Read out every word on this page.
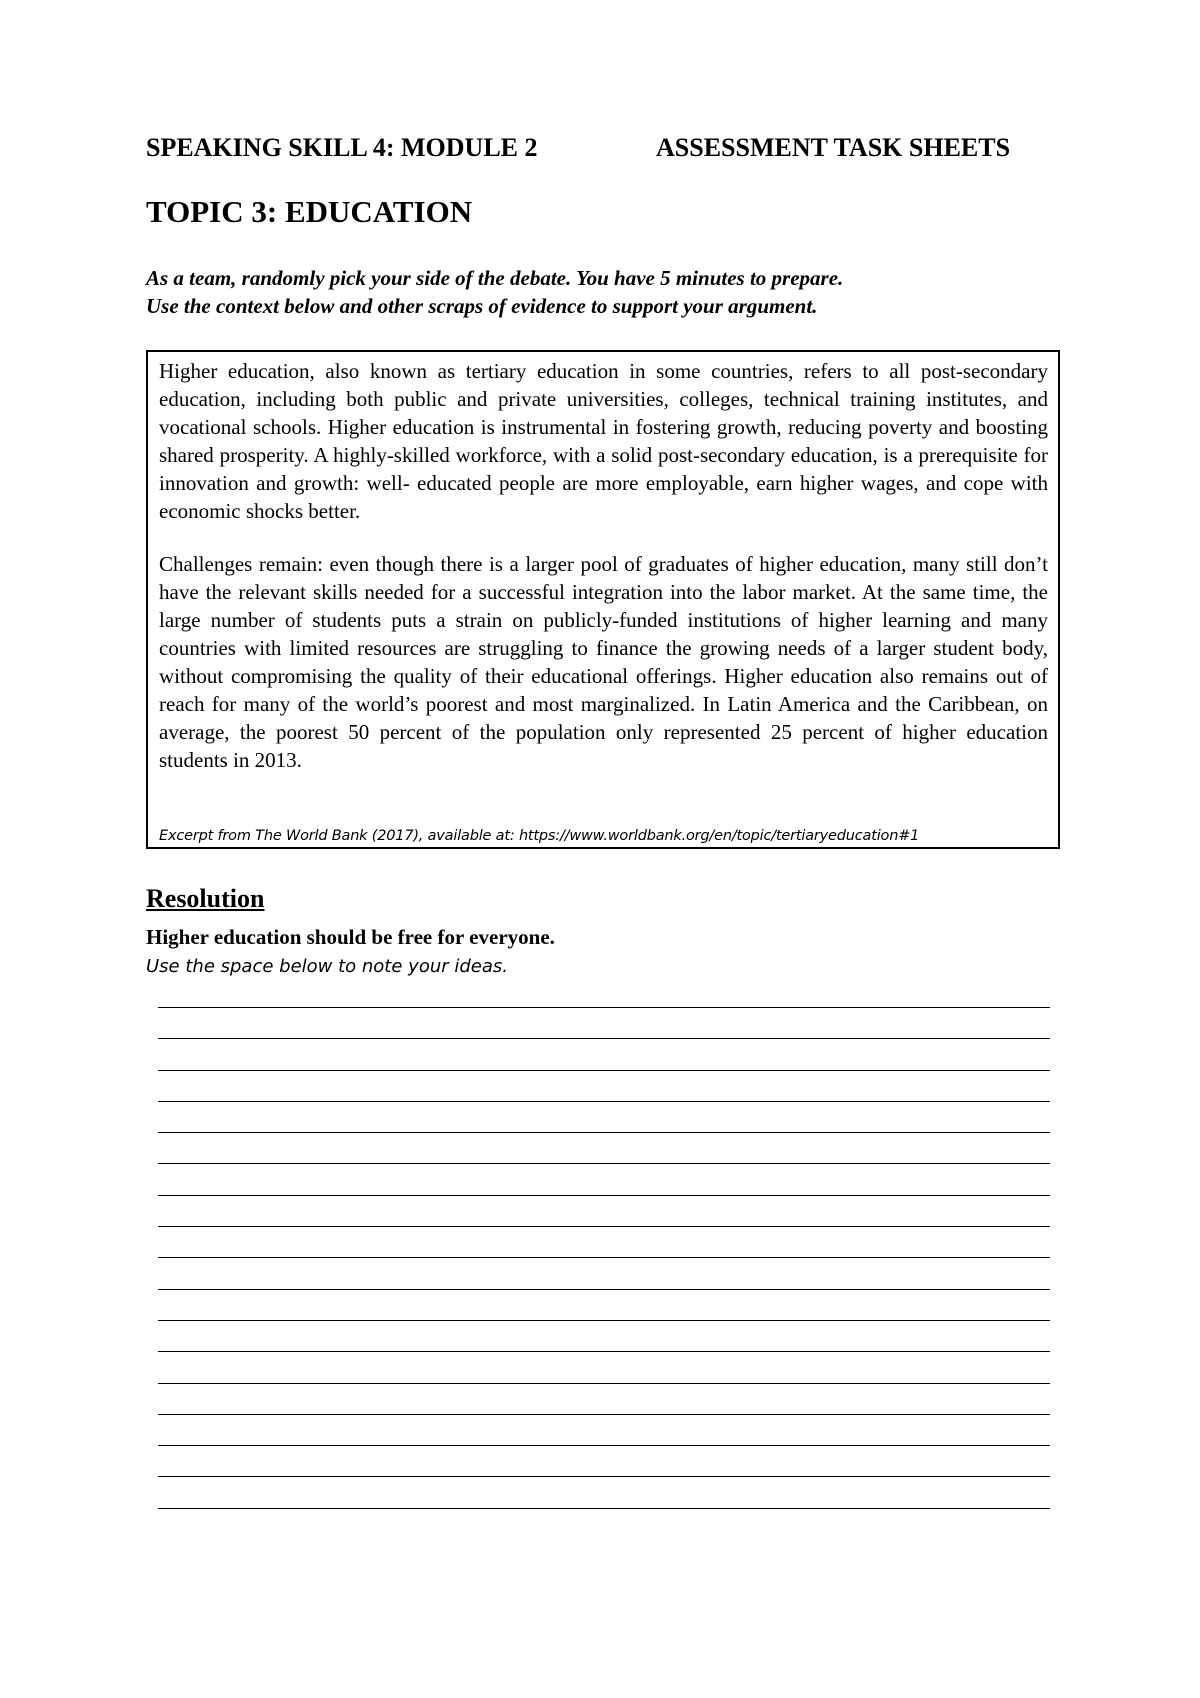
SPEAKING SKILL 4: MODULE 2	ASSESSMENT TASK SHEETS
TOPIC 3: EDUCATION
As a team, randomly pick your side of the debate. You have 5 minutes to prepare.
Use the context below and other scraps of evidence to support your argument.

Higher education, also known as tertiary education in some countries, refers to all post-secondary education, including both public and private universities, colleges, technical training institutes, and vocational schools. Higher education is instrumental in fostering growth, reducing poverty and boosting shared prosperity. A highly-skilled workforce, with a solid post-secondary education, is a prerequisite for innovation and growth: well- educated people are more employable, earn higher wages, and cope with economic shocks better.

Challenges remain: even though there is a larger pool of graduates of higher education, many still don’t have the relevant skills needed for a successful integration into the labor market. At the same time, the large number of students puts a strain on publicly-funded institutions of higher learning and many countries with limited resources are struggling to finance the growing needs of a larger student body, without compromising the quality of their educational offerings. Higher education also remains out of reach for many of the world’s poorest and most marginalized. In Latin America and the Caribbean, on average, the poorest 50 percent of the population only represented 25 percent of higher education students in 2013.

Excerpt from The World Bank (2017), available at: https://www.worldbank.org/en/topic/tertiaryeducation#1
Resolution
Higher education should be free for everyone.
Use the space below to note your ideas.
